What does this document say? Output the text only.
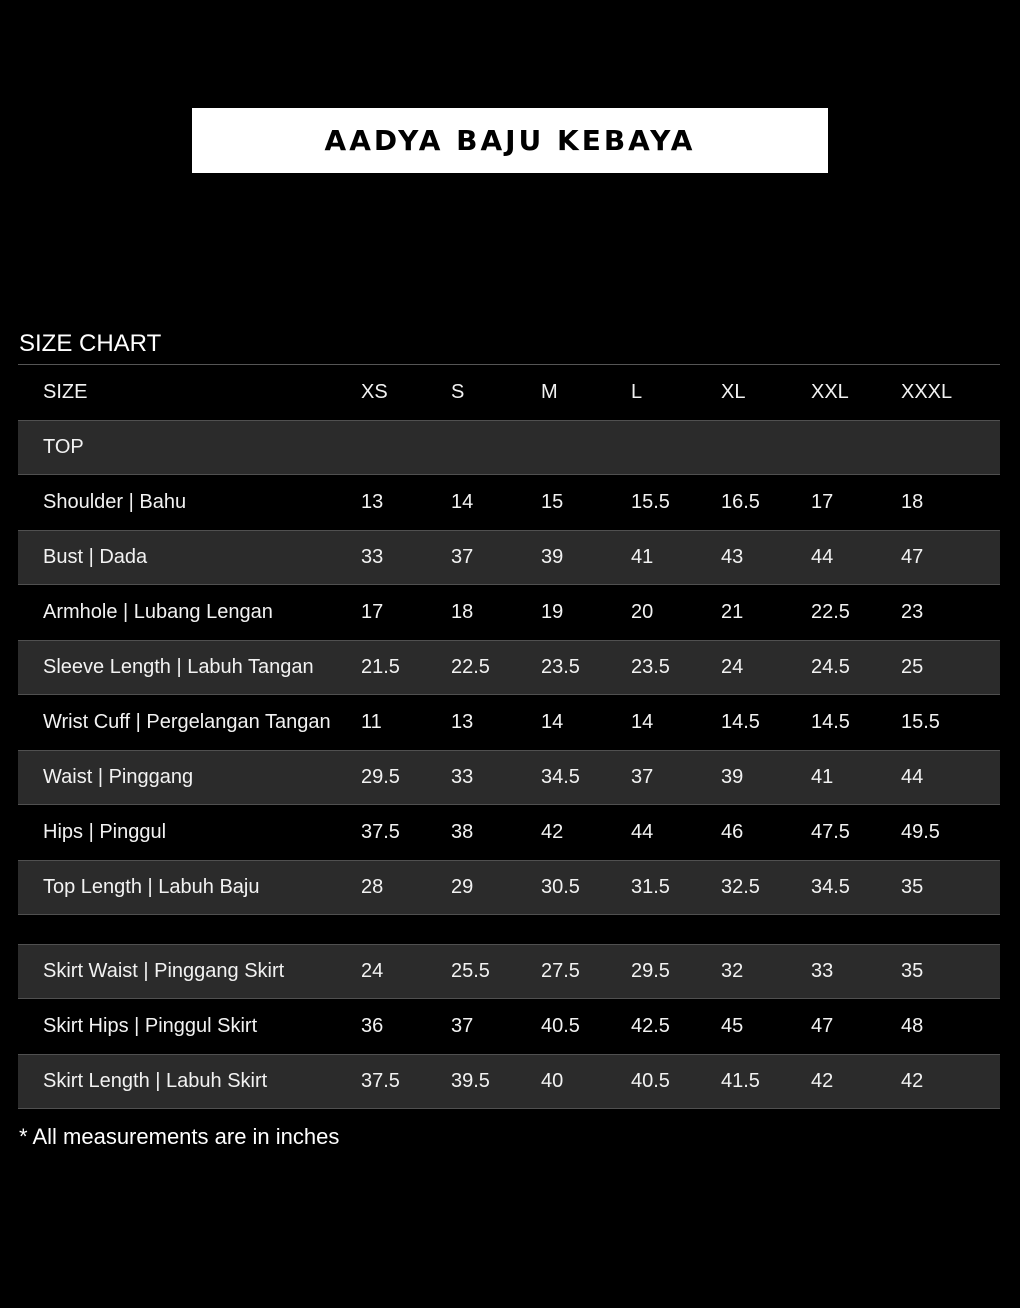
AADYA BAJU KEBAYA
SIZE CHART
SIZE	XS	S	M	L	XL	XXL	XXXL
TOP
Shoulder | Bahu	13	14	15	15.5	16.5	17	18
Bust | Dada	33	37	39	41	43	44	47
Armhole | Lubang Lengan	17	18	19	20	21	22.5	23
Sleeve Length | Labuh Tangan	21.5	22.5	23.5	23.5	24	24.5	25
Wrist Cuff | Pergelangan Tangan	11	13	14	14	14.5	14.5	15.5
Waist | Pinggang	29.5	33	34.5	37	39	41	44
Hips | Pinggul	37.5	38	42	44	46	47.5	49.5
Top Length | Labuh Baju	28	29	30.5	31.5	32.5	34.5	35
Skirt Waist | Pinggang Skirt	24	25.5	27.5	29.5	32	33	35
Skirt Hips | Pinggul Skirt	36	37	40.5	42.5	45	47	48
Skirt Length | Labuh Skirt	37.5	39.5	40	40.5	41.5	42	42
* All measurements are in inches
